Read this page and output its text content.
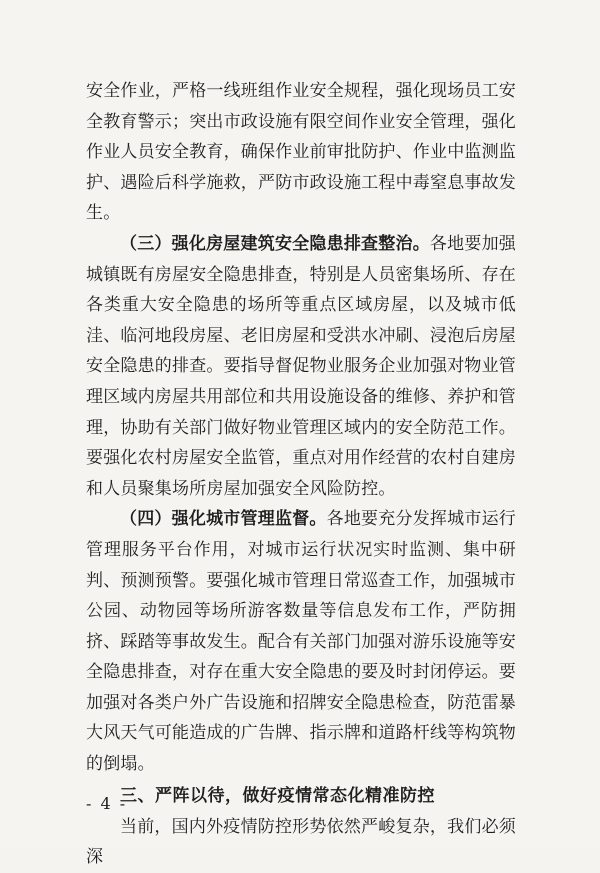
安全作业，严格一线班组作业安全规程，强化现场员工安全教育警示；突出市政设施有限空间作业安全管理，强化作业人员安全教育，确保作业前审批防护、作业中监测监护、遇险后科学施救，严防市政设施工程中毒窒息事故发生。

（三）强化房屋建筑安全隐患排查整治。各地要加强城镇既有房屋安全隐患排查，特别是人员密集场所、存在各类重大安全隐患的场所等重点区域房屋，以及城市低洼、临河地段房屋、老旧房屋和受洪水冲刷、浸泡后房屋安全隐患的排查。要指导督促物业服务企业加强对物业管理区域内房屋共用部位和共用设施设备的维修、养护和管理，协助有关部门做好物业管理区域内的安全防范工作。要强化农村房屋安全监管，重点对用作经营的农村自建房和人员聚集场所房屋加强安全风险防控。

（四）强化城市管理监督。各地要充分发挥城市运行管理服务平台作用，对城市运行状况实时监测、集中研判、预测预警。要强化城市管理日常巡查工作，加强城市公园、动物园等场所游客数量等信息发布工作，严防拥挤、踩踏等事故发生。配合有关部门加强对游乐设施等安全隐患排查，对存在重大安全隐患的要及时封闭停运。要加强对各类户外广告设施和招牌安全隐患检查，防范雷暴大风天气可能造成的广告牌、指示牌和道路杆线等构筑物的倒塌。

三、严阵以待，做好疫情常态化精准防控

当前，国内外疫情防控形势依然严峻复杂，我们必须深

- 4 -
